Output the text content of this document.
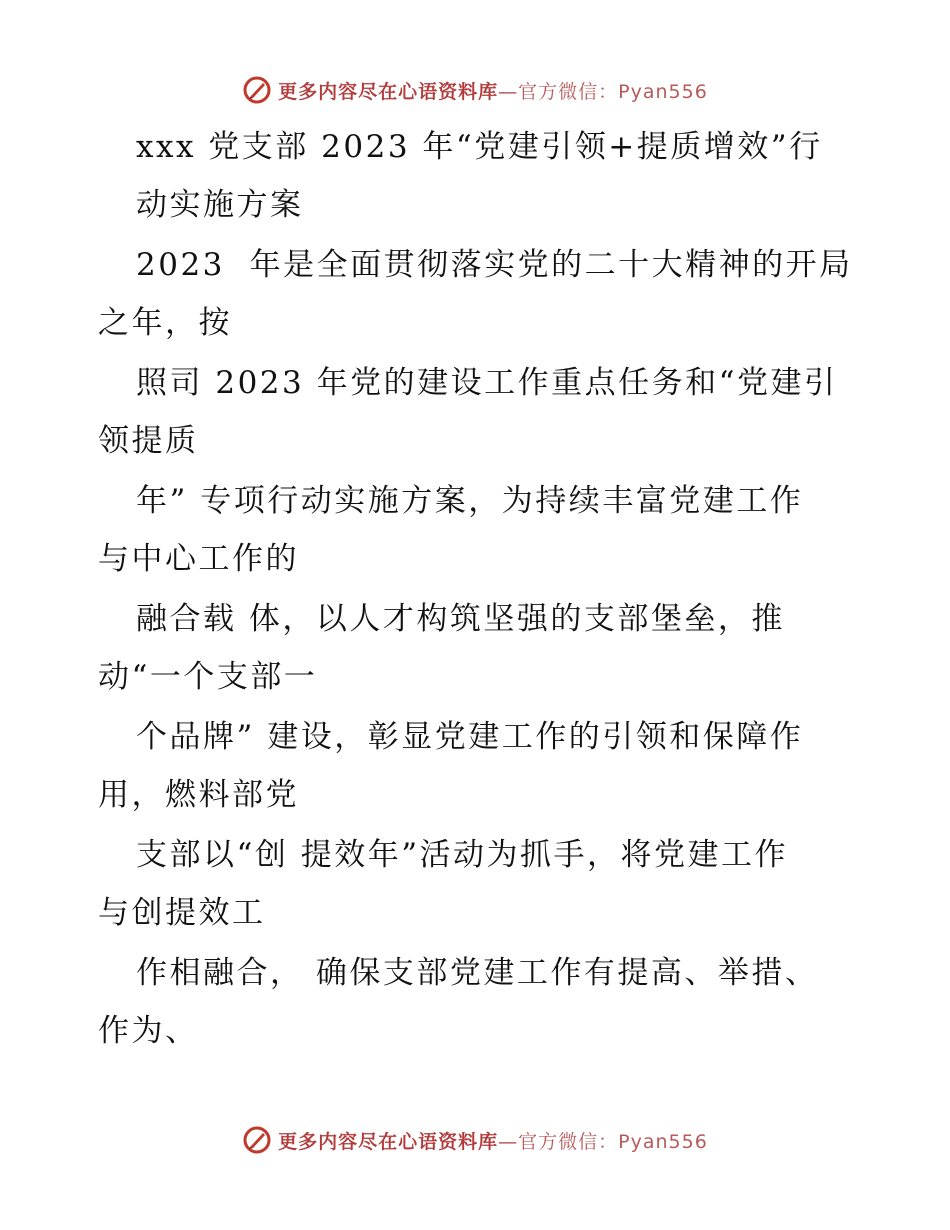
更多内容尽在心语资料库—官方微信：Pyan556
xxx 党支部 2023 年“党建引领+提质增效”行
动实施方案
2023  年是全面贯彻落实党的二十大精神的开局
之年，按
照司 2023 年党的建设工作重点任务和“党建引
领提质
年” 专项行动实施方案，为持续丰富党建工作
与中心工作的
融合载 体，以人才构筑坚强的支部堡垒，推
动“一个支部一
个品牌” 建设，彰显党建工作的引领和保障作
用，燃料部党
支部以“创 提效年”活动为抓手，将党建工作
与创提效工
作相融合， 确保支部党建工作有提高、举措、
作为、
更多内容尽在心语资料库—官方微信：Pyan556
